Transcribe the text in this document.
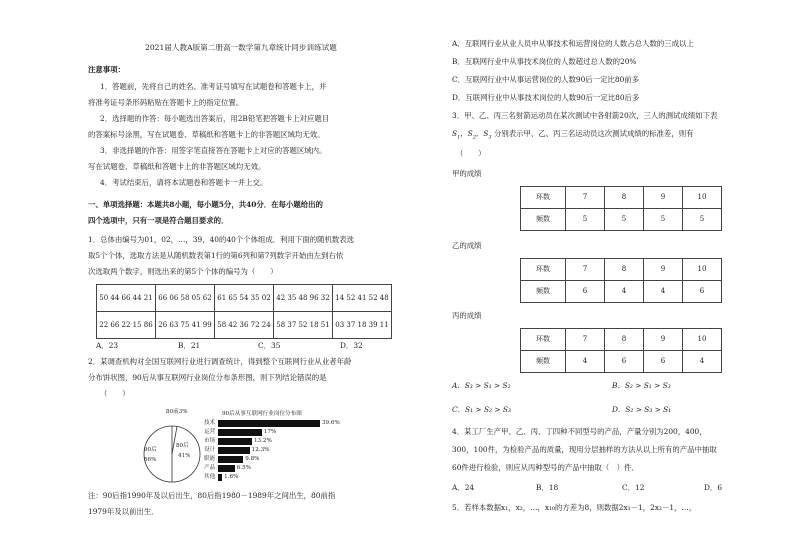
2021届人教A版第二册高一数学第九章统计同步训练试题
注意事项：
1．答题前，先将自己的姓名、准考证号填写在试题卷和答题卡上，并
将准考证号条形码粘贴在答题卡上的指定位置。
2．选择题的作答：每小题选出答案后，用2B铅笔把答题卡上对应题目
的答案标号涂黑，写在试题卷、草稿纸和答题卡上的非答题区域均无效。
3．非选择题的作答：用签字笔直接答在答题卡上对应的答题区域内。
写在试题卷、草稿纸和答题卡上的非答题区域均无效。
4．考试结束后，请将本试题卷和答题卡一并上交。
一、单项选择题：本题共8小题，每小题5分，共40分．在每小题给出的
四个选项中，只有一项是符合题目要求的．
1．总体由编号为01，02，…，39，40的40个个体组成．利用下面的随机数表选
取5个个体，选取方法是从随机数表第1行的第6列和第7列数字开始由左到右依
次选取两个数字，则选出来的第5个个体的编号为（　　）
50 44 66 44 21	66 06 58 05 62	61 65 54 35 02	42 35 48 96 32	14 52 41 52 48
22 66 22 15 86	26 63 75 41 99	58 42 36 72 24	58 37 52 18 51	03 37 18 39 11
A．23	B．21	C．35	D．32
2．某调查机构对全国互联网行业进行调查统计，得到整个互联网行业从业者年龄
分布饼状图，90后从事互联网行业岗位分布条形图，则下列结论错误的是
（　　）
80前3%
80后
41%
90后
56%
90后从事互联网行业岗位分布图
技术	39.6%
运营	17%
市场	13.2%
设计	12.3%
职能	9.8%
产品	6.5%
其他 1.6%
注：90后指1990年及以后出生，80后指1980－1989年之间出生，80前指
1979年及以前出生．
A．互联网行业从业人员中从事技术和运营岗位的人数占总人数的三成以上
B．互联网行业中从事技术岗位的人数超过总人数的20%
C．互联网行业中从事运营岗位的人数90后一定比80前多
D．互联网行业中从事技术岗位的人数90后一定比80后多
3．甲、乙、丙三名射箭运动员在某次测试中各射箭20次，三人的测试成绩如下表
$S_1$，$S_2$，$S_3$ 分别表示甲、乙、丙三名运动员这次测试成绩的标准差，则有
（　　）
甲的成绩
环数	7	8	9	10
频数	5	5	5	5
乙的成绩
环数	7	8	9	10
频数	6	4	4	6
丙的成绩
环数	7	8	9	10
频数	4	6	6	4
A．S₃ > S₁ > S₂	B．S₂ > S₁ > S₃
C．S₁ > S₂ > S₃	D．S₂ > S₃ > S₁
4．某工厂生产甲、乙、丙、丁四种不同型号的产品，产量分别为200，400，
300，100件，为检验产品的质量，现用分层抽样的方法从以上所有的产品中抽取
60件进行检验，则应从丙种型号的产品中抽取（　）件．
A．24	B．18	C．12	D．6
5．若样本数据x₁，x₂，…，x₁₀的方差为8，则数据2x₁－1，2x₂－1，…，
